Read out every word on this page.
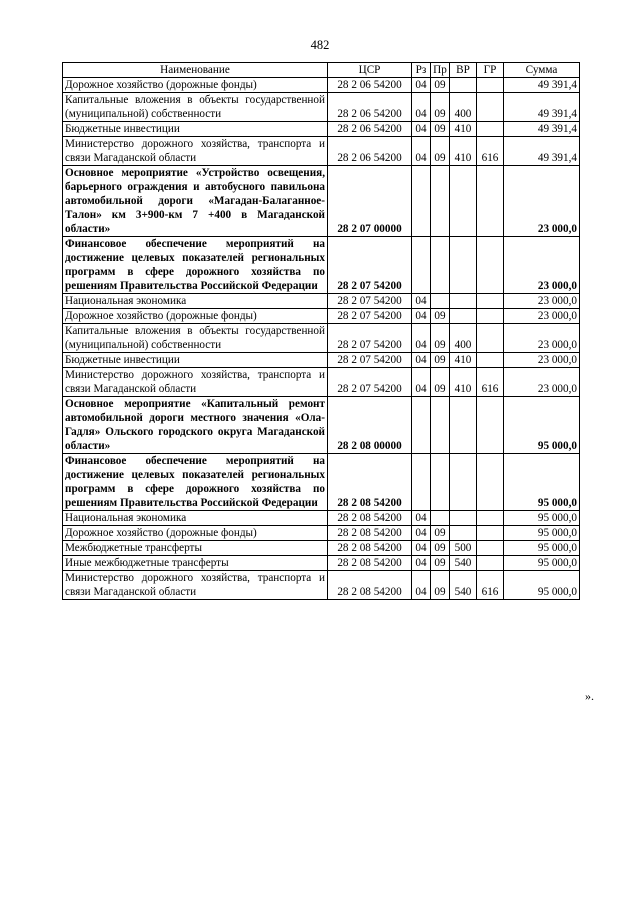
482
Наименование	ЦСР	Рз	Пр	ВР	ГР	Сумма
Дорожное хозяйство (дорожные фонды)	28 2 06 54200	04	09			49 391,4
Капитальные вложения в объекты государственной (муниципальной) собственности	28 2 06 54200	04	09	400		49 391,4
Бюджетные инвестиции	28 2 06 54200	04	09	410		49 391,4
Министерство дорожного хозяйства, транспорта и связи Магаданской области	28 2 06 54200	04	09	410	616	49 391,4
Основное мероприятие «Устройство освещения, барьерного ограждения и автобусного павильона автомобильной дороги «Магадан-Балаганное-Талон» км 3+900-км 7 +400 в Магаданской области»	28 2 07 00000					23 000,0
Финансовое обеспечение мероприятий на достижение целевых показателей региональных программ в сфере дорожного хозяйства по решениям Правительства Российской Федерации	28 2 07 54200					23 000,0
Национальная экономика	28 2 07 54200	04				23 000,0
Дорожное хозяйство (дорожные фонды)	28 2 07 54200	04	09			23 000,0
Капитальные вложения в объекты государственной (муниципальной) собственности	28 2 07 54200	04	09	400		23 000,0
Бюджетные инвестиции	28 2 07 54200	04	09	410		23 000,0
Министерство дорожного хозяйства, транспорта и связи Магаданской области	28 2 07 54200	04	09	410	616	23 000,0
Основное мероприятие «Капитальный ремонт автомобильной дороги местного значения «Ола-Гадля» Ольского городского округа Магаданской области»	28 2 08 00000					95 000,0
Финансовое обеспечение мероприятий на достижение целевых показателей региональных программ в сфере дорожного хозяйства по решениям Правительства Российской Федерации	28 2 08 54200					95 000,0
Национальная экономика	28 2 08 54200	04				95 000,0
Дорожное хозяйство (дорожные фонды)	28 2 08 54200	04	09			95 000,0
Межбюджетные трансферты	28 2 08 54200	04	09	500		95 000,0
Иные межбюджетные трансферты	28 2 08 54200	04	09	540		95 000,0
Министерство дорожного хозяйства, транспорта и связи Магаданской области	28 2 08 54200	04	09	540	616	95 000,0
».
